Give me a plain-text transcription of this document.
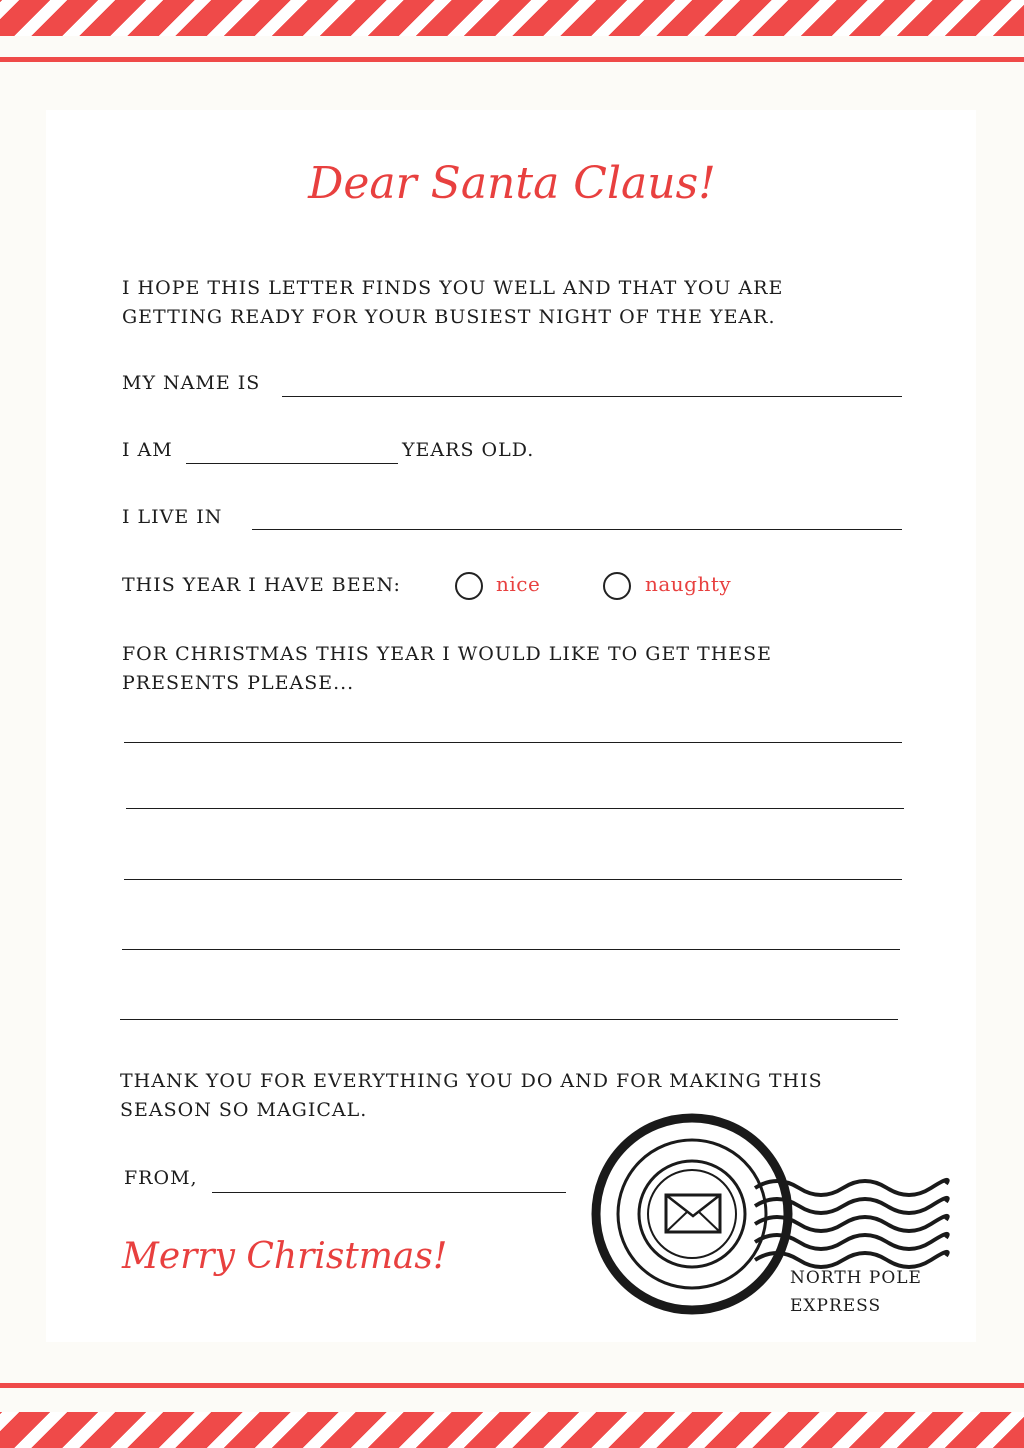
Dear Santa Claus!
I HOPE THIS LETTER FINDS YOU WELL AND THAT YOU ARE GETTING READY FOR YOUR BUSIEST NIGHT OF THE YEAR.
MY NAME IS
I AM	YEARS OLD.
I LIVE IN
THIS YEAR I HAVE BEEN:	nice	naughty
FOR CHRISTMAS THIS YEAR I WOULD LIKE TO GET THESE PRESENTS PLEASE...
THANK YOU FOR EVERYTHING YOU DO AND FOR MAKING THIS SEASON SO MAGICAL.
FROM,
Merry Christmas!
NORTH POLE
EXPRESS
